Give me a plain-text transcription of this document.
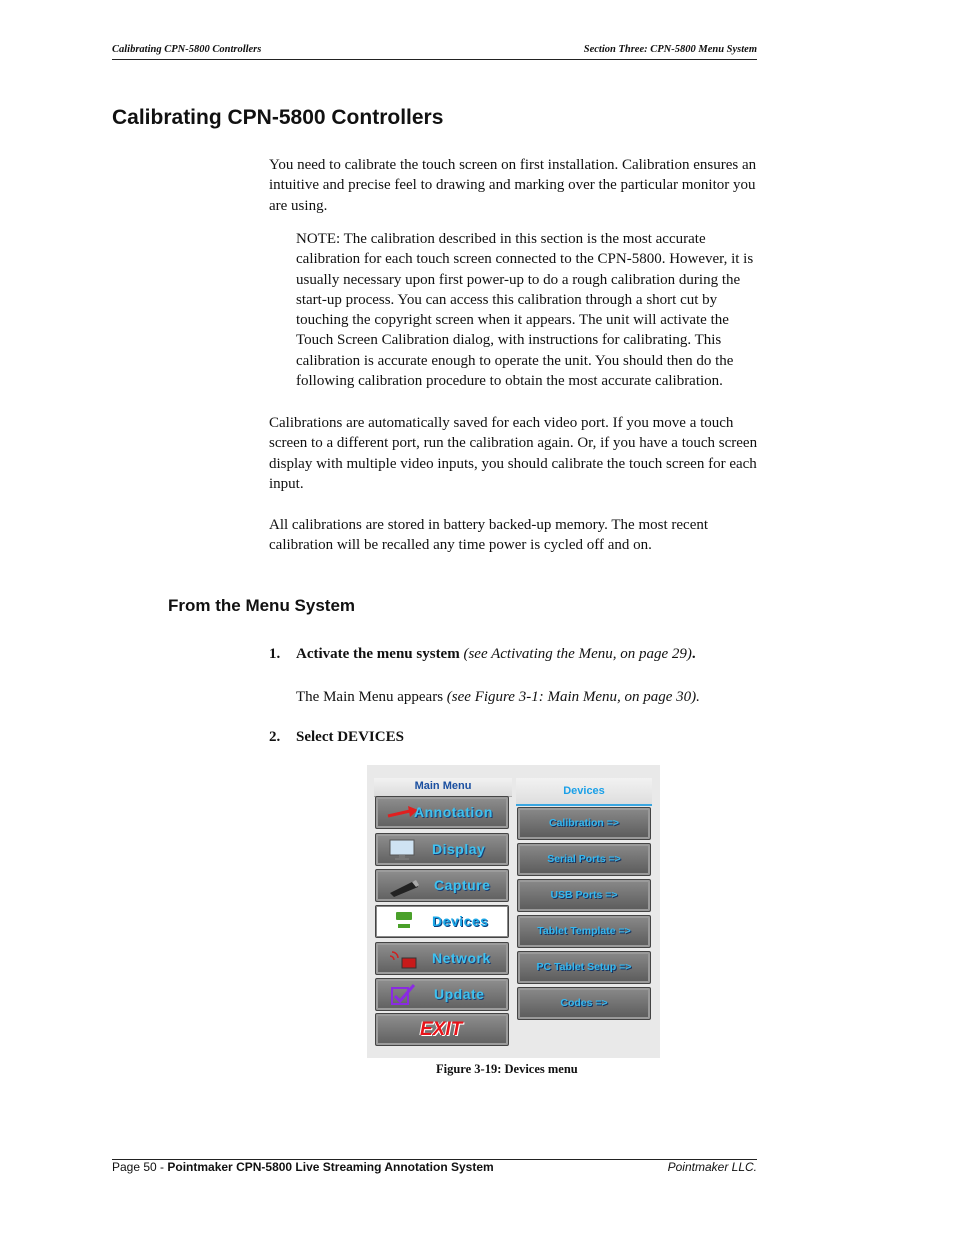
Calibrating CPN-5800 Controllers	Section Three: CPN-5800 Menu System
Calibrating CPN-5800 Controllers

You need to calibrate the touch screen on first installation. Calibration ensures an intuitive and precise feel to drawing and marking over the particular monitor you are using.

NOTE: The calibration described in this section is the most accurate calibration for each touch screen connected to the CPN-5800. However, it is usually necessary upon first power-up to do a rough calibration during the start-up process. You can access this calibration through a short cut by touching the copyright screen when it appears. The unit will activate the Touch Screen Calibration dialog, with instructions for calibrating. This calibration is accurate enough to operate the unit. You should then do the following calibration procedure to obtain the most accurate calibration.

Calibrations are automatically saved for each video port. If you move a touch screen to a different port, run the calibration again. Or, if you have a touch screen display with multiple video inputs, you should calibrate the touch screen for each input.

All calibrations are stored in battery backed-up memory. The most recent calibration will be recalled any time power is cycled off and on.

From the Menu System
1. Activate the menu system (see Activating the Menu, on page 29).
The Main Menu appears (see Figure 3-1: Main Menu, on page 30).
2. Select DEVICES
Main Menu
Annotation
Display
Capture
Devices
Network
Update
EXIT
Devices
Calibration =>
Serial Ports =>
USB Ports =>
Tablet Template =>
PC Tablet Setup =>
Codes =>
Figure 3-19: Devices menu
Page 50 - Pointmaker CPN-5800 Live Streaming Annotation System	Pointmaker LLC.
